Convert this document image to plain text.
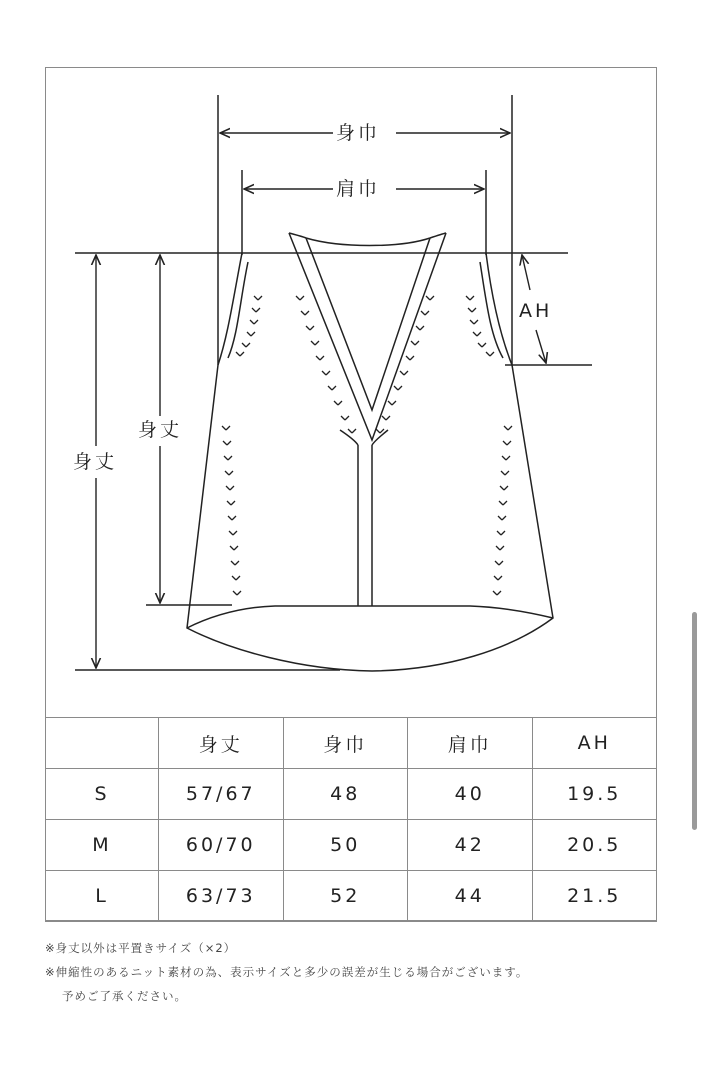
身巾
肩巾
AH
身丈
身丈
	身丈	身巾	肩巾	AH
S	57/67	48	40	19.5
M	60/70	50	42	20.5
L	63/73	52	44	21.5
※身丈以外は平置きサイズ（×2）
※伸縮性のあるニット素材の為、表示サイズと多少の誤差が生じる場合がございます。
予めご了承ください。
